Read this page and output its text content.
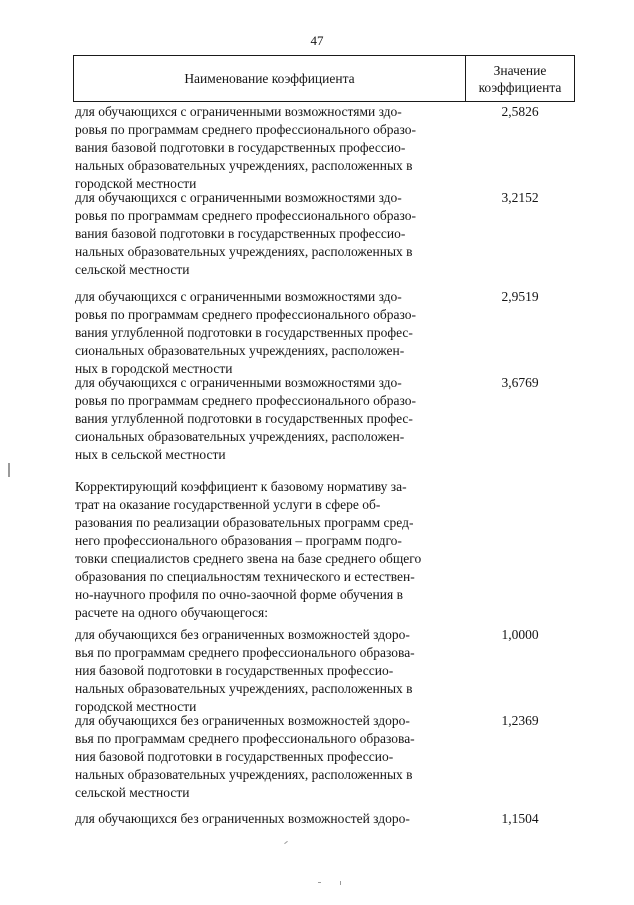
47
Наименование коэффициента
Значение
коэффициента
для обучающихся с ограниченными возможностями здо-
ровья по программам среднего профессионального образо-
вания базовой подготовки в государственных профессио-
нальных образовательных учреждениях, расположенных в
городской местности
2,5826
для обучающихся с ограниченными возможностями здо-
ровья по программам среднего профессионального образо-
вания базовой подготовки в государственных профессио-
нальных образовательных учреждениях, расположенных в
сельской местности
3,2152
для обучающихся с ограниченными возможностями здо-
ровья по программам среднего профессионального образо-
вания углубленной подготовки в государственных профес-
сиональных образовательных учреждениях, расположен-
ных в городской местности
2,9519
для обучающихся с ограниченными возможностями здо-
ровья по программам среднего профессионального образо-
вания углубленной подготовки в государственных профес-
сиональных образовательных учреждениях, расположен-
ных в сельской местности
3,6769
Корректирующий коэффициент к базовому нормативу за-
трат на оказание государственной услуги в сфере об-
разования по реализации образовательных программ сред-
него профессионального образования – программ подго-
товки специалистов среднего звена на базе среднего общего
образования по специальностям технического и естествен-
но-научного профиля по очно-заочной форме обучения в
расчете на одного обучающегося:
для обучающихся без ограниченных возможностей здоро-
вья по программам среднего профессионального образова-
ния базовой подготовки в государственных профессио-
нальных образовательных учреждениях, расположенных в
городской местности
1,0000
для обучающихся без ограниченных возможностей здоро-
вья по программам среднего профессионального образова-
ния базовой подготовки в государственных профессио-
нальных образовательных учреждениях, расположенных в
сельской местности
1,2369
для обучающихся без ограниченных возможностей здоро-	1,1504
